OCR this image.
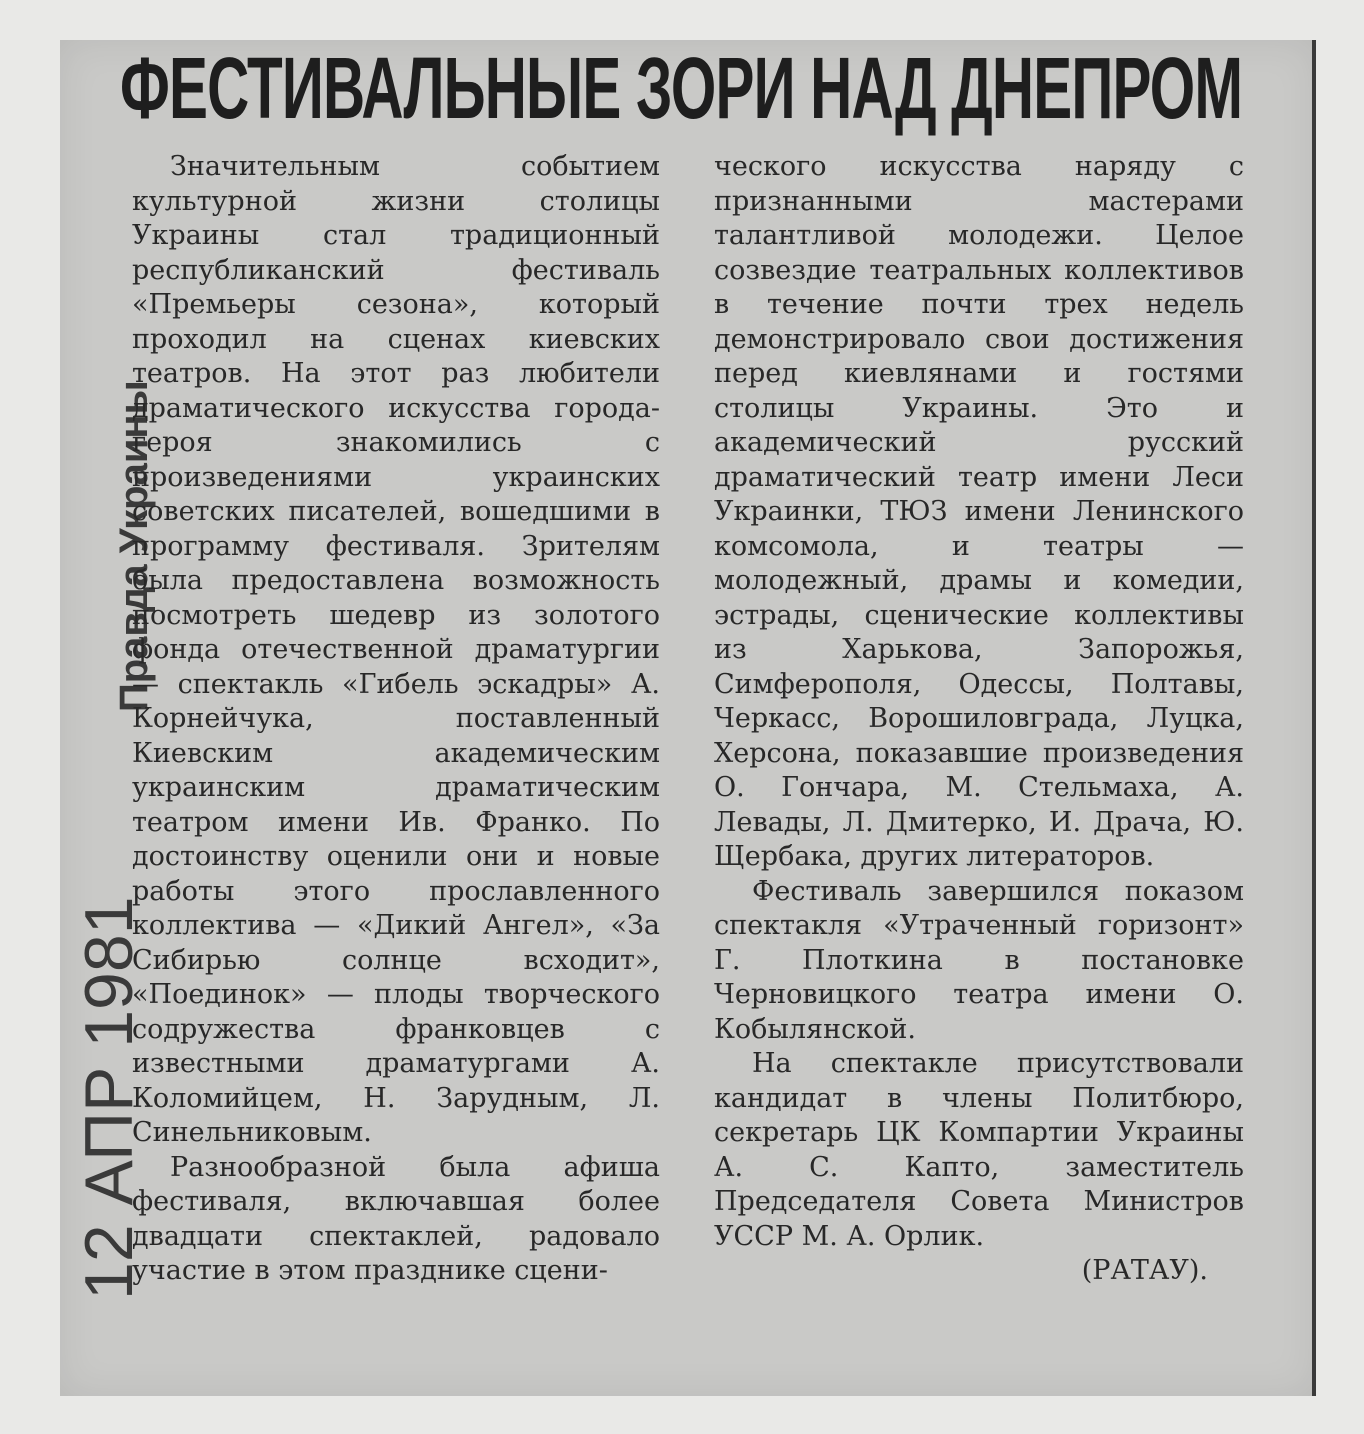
Правда Украины
12 АПР 1981
ФЕСТИВАЛЬНЫЕ ЗОРИ НАД ДНЕПРОМ

Значительным событием культурной жизни столицы Украины стал традиционный республиканский фестиваль «Премьеры сезона», который проходил на сценах киевских театров. На этот раз любители драматического искусства города-героя знакомились с произведениями украинских советских писателей, вошедшими в программу фестиваля. Зрителям была предоставлена возможность посмотреть шедевр из золотого фонда отечественной драматургии — спектакль «Гибель эскадры» А. Корнейчука, поставленный Киевским академическим украинским драматическим театром имени Ив. Франко. По достоинству оценили они и новые работы этого прославленного коллектива — «Дикий Ангел», «За Сибирью солнце всходит», «Поединок» — плоды творческого содружества франковцев с известными драматургами А. Коломийцем, Н. Зарудным, Л. Синельниковым.

Разнообразной была афиша фестиваля, включавшая более двадцати спектаклей, радовало участие в этом празднике сцени-

ческого искусства наряду с признанными мастерами талантливой молодежи. Целое созвездие театральных коллективов в течение почти трех недель демонстрировало свои достижения перед киевлянами и гостями столицы Украины. Это и академический русский драматический театр имени Леси Украинки, ТЮЗ имени Ленинского комсомола, и театры — молодежный, драмы и комедии, эстрады, сценические коллективы из Харькова, Запорожья, Симферополя, Одессы, Полтавы, Черкасс, Ворошиловграда, Луцка, Херсона, показавшие произведения О. Гончара, М. Стельмаха, А. Левады, Л. Дмитерко, И. Драча, Ю. Щербака, других литераторов.

Фестиваль завершился показом спектакля «Утраченный горизонт» Г. Плоткина в постановке Черновицкого театра имени О. Кобылянской.

На спектакле присутствовали кандидат в члены Политбюро, секретарь ЦК Компартии Украины А. С. Капто, заместитель Председателя Совета Министров УССР М. А. Орлик.

(РАТАУ).
